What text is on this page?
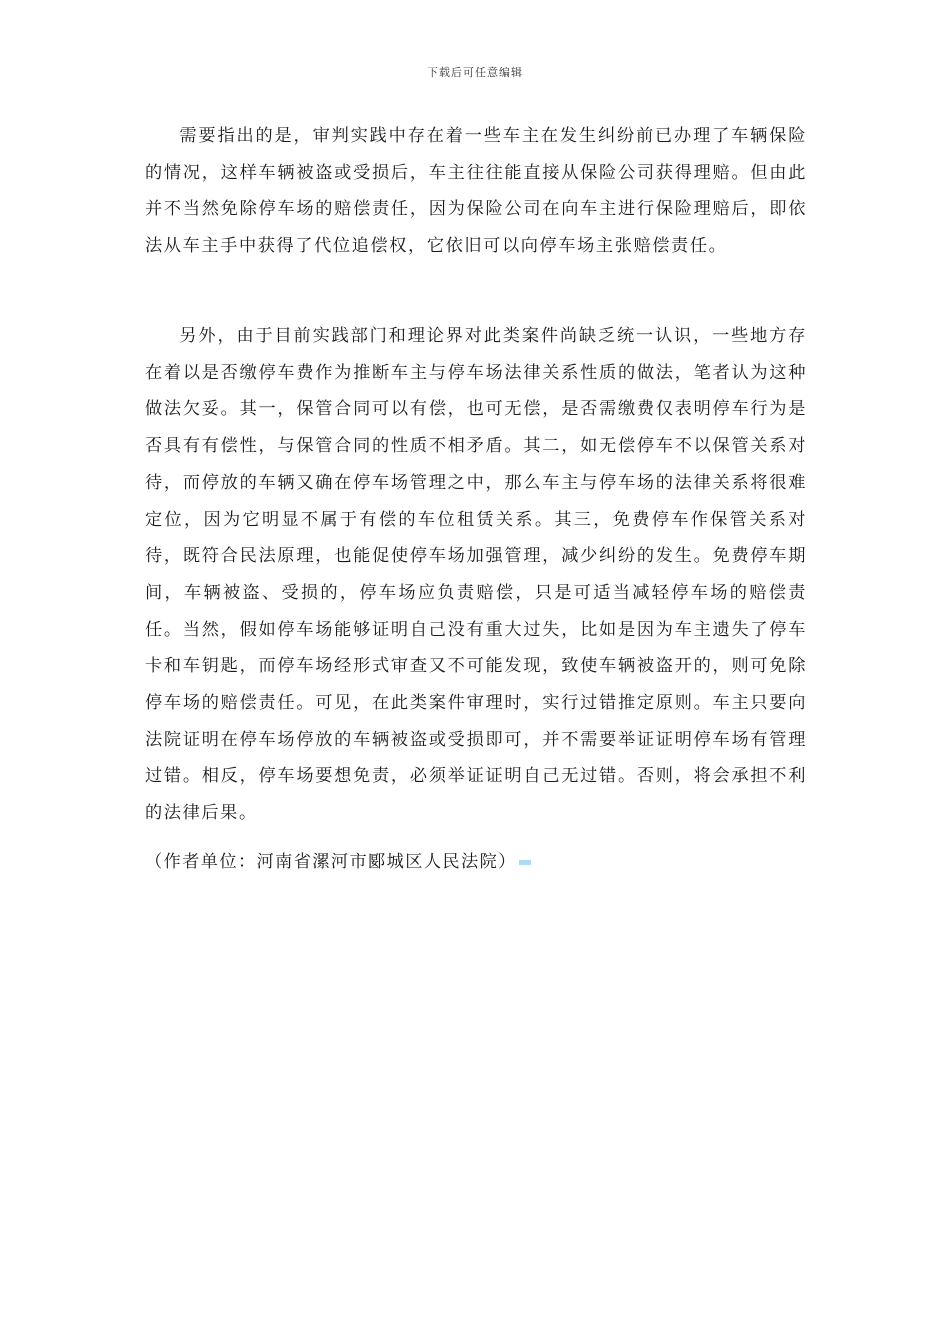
下载后可任意编辑

需要指出的是，审判实践中存在着一些车主在发生纠纷前已办理了车辆保险的情况，这样车辆被盗或受损后，车主往往能直接从保险公司获得理赔。但由此并不当然免除停车场的赔偿责任，因为保险公司在向车主进行保险理赔后，即依法从车主手中获得了代位追偿权，它依旧可以向停车场主张赔偿责任。

另外，由于目前实践部门和理论界对此类案件尚缺乏统一认识，一些地方存在着以是否缴停车费作为推断车主与停车场法律关系性质的做法，笔者认为这种做法欠妥。其一，保管合同可以有偿，也可无偿，是否需缴费仅表明停车行为是否具有有偿性，与保管合同的性质不相矛盾。其二，如无偿停车不以保管关系对待，而停放的车辆又确在停车场管理之中，那么车主与停车场的法律关系将很难定位，因为它明显不属于有偿的车位租赁关系。其三，免费停车作保管关系对待，既符合民法原理，也能促使停车场加强管理，减少纠纷的发生。免费停车期间，车辆被盗、受损的，停车场应负责赔偿，只是可适当减轻停车场的赔偿责任。当然，假如停车场能够证明自己没有重大过失，比如是因为车主遗失了停车卡和车钥匙，而停车场经形式审查又不可能发现，致使车辆被盗开的，则可免除停车场的赔偿责任。可见，在此类案件审理时，实行过错推定原则。车主只要向法院证明在停车场停放的车辆被盗或受损即可，并不需要举证证明停车场有管理过错。相反，停车场要想免责，必须举证证明自己无过错。否则，将会承担不利的法律后果。

（作者单位：河南省漯河市郾城区人民法院）
